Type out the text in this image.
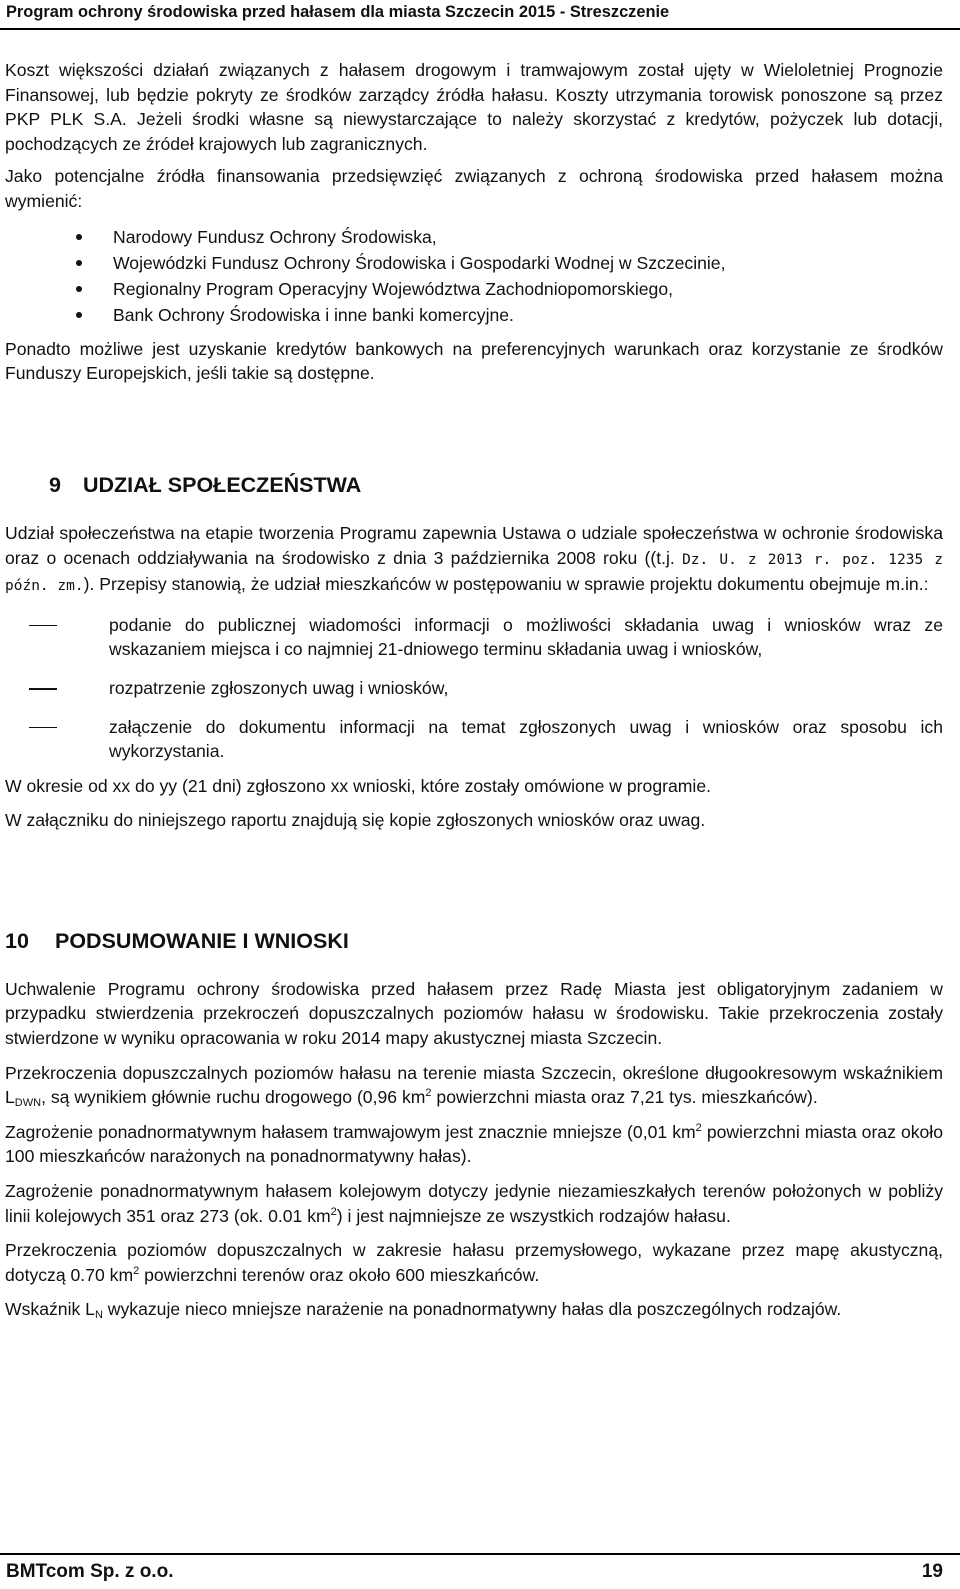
Program ochrony środowiska przed hałasem dla miasta Szczecin 2015 - Streszczenie

Koszt większości działań związanych z hałasem drogowym i tramwajowym został ujęty w Wieloletniej Prognozie Finansowej, lub będzie pokryty ze środków zarządcy źródła hałasu. Koszty utrzymania torowisk ponoszone są przez PKP PLK S.A. Jeżeli środki własne są niewystarczające to należy skorzystać z kredytów, pożyczek lub dotacji, pochodzących ze źródeł krajowych lub zagranicznych.

Jako potencjalne źródła finansowania przedsięwzięć związanych z ochroną środowiska przed hałasem można wymienić:

Narodowy Fundusz Ochrony Środowiska,
Wojewódzki Fundusz Ochrony Środowiska i Gospodarki Wodnej w Szczecinie,
Regionalny Program Operacyjny Województwa Zachodniopomorskiego,
Bank Ochrony Środowiska i inne banki komercyjne.

Ponadto możliwe jest uzyskanie kredytów bankowych na preferencyjnych warunkach oraz korzystanie ze środków Funduszy Europejskich, jeśli takie są dostępne.

9 UDZIAŁ SPOŁECZEŃSTWA

Udział społeczeństwa na etapie tworzenia Programu zapewnia Ustawa o udziale społeczeństwa w ochronie środowiska oraz o ocenach oddziaływania na środowisko z dnia 3 października 2008 roku ((t.j. Dz. U. z 2013 r. poz. 1235 z późn. zm.). Przepisy stanowią, że udział mieszkańców w postępowaniu w sprawie projektu dokumentu obejmuje m.in.:

podanie do publicznej wiadomości informacji o możliwości składania uwag i wniosków wraz ze wskazaniem miejsca i co najmniej 21-dniowego terminu składania uwag i wniosków,
rozpatrzenie zgłoszonych uwag i wniosków,
załączenie do dokumentu informacji na temat zgłoszonych uwag i wniosków oraz sposobu ich wykorzystania.

W okresie od xx do yy (21 dni) zgłoszono xx wnioski, które zostały omówione w programie.

W załączniku do niniejszego raportu znajdują się kopie zgłoszonych wniosków oraz uwag.

10 PODSUMOWANIE I WNIOSKI

Uchwalenie Programu ochrony środowiska przed hałasem przez Radę Miasta jest obligatoryjnym zadaniem w przypadku stwierdzenia przekroczeń dopuszczalnych poziomów hałasu w środowisku. Takie przekroczenia zostały stwierdzone w wyniku opracowania w roku 2014 mapy akustycznej miasta Szczecin.

Przekroczenia dopuszczalnych poziomów hałasu na terenie miasta Szczecin, określone długookresowym wskaźnikiem $L_{DWN}$, są wynikiem głównie ruchu drogowego (0,96 $km^2$ powierzchni miasta oraz 7,21 tys. mieszkańców).

Zagrożenie ponadnormatywnym hałasem tramwajowym jest znacznie mniejsze (0,01 $km^2$ powierzchni miasta oraz około 100 mieszkańców narażonych na ponadnormatywny hałas).

Zagrożenie ponadnormatywnym hałasem kolejowym dotyczy jedynie niezamieszkałych terenów położonych w pobliży linii kolejowych 351 oraz 273 (ok. 0.01 $km^2$) i jest najmniejsze ze wszystkich rodzajów hałasu.

Przekroczenia poziomów dopuszczalnych w zakresie hałasu przemysłowego, wykazane przez mapę akustyczną, dotyczą 0.70 $km^2$ powierzchni terenów oraz około 600 mieszkańców.

Wskaźnik $L_N$ wykazuje nieco mniejsze narażenie na ponadnormatywny hałas dla poszczególnych rodzajów.

BMTcom Sp. z o.o.	19
